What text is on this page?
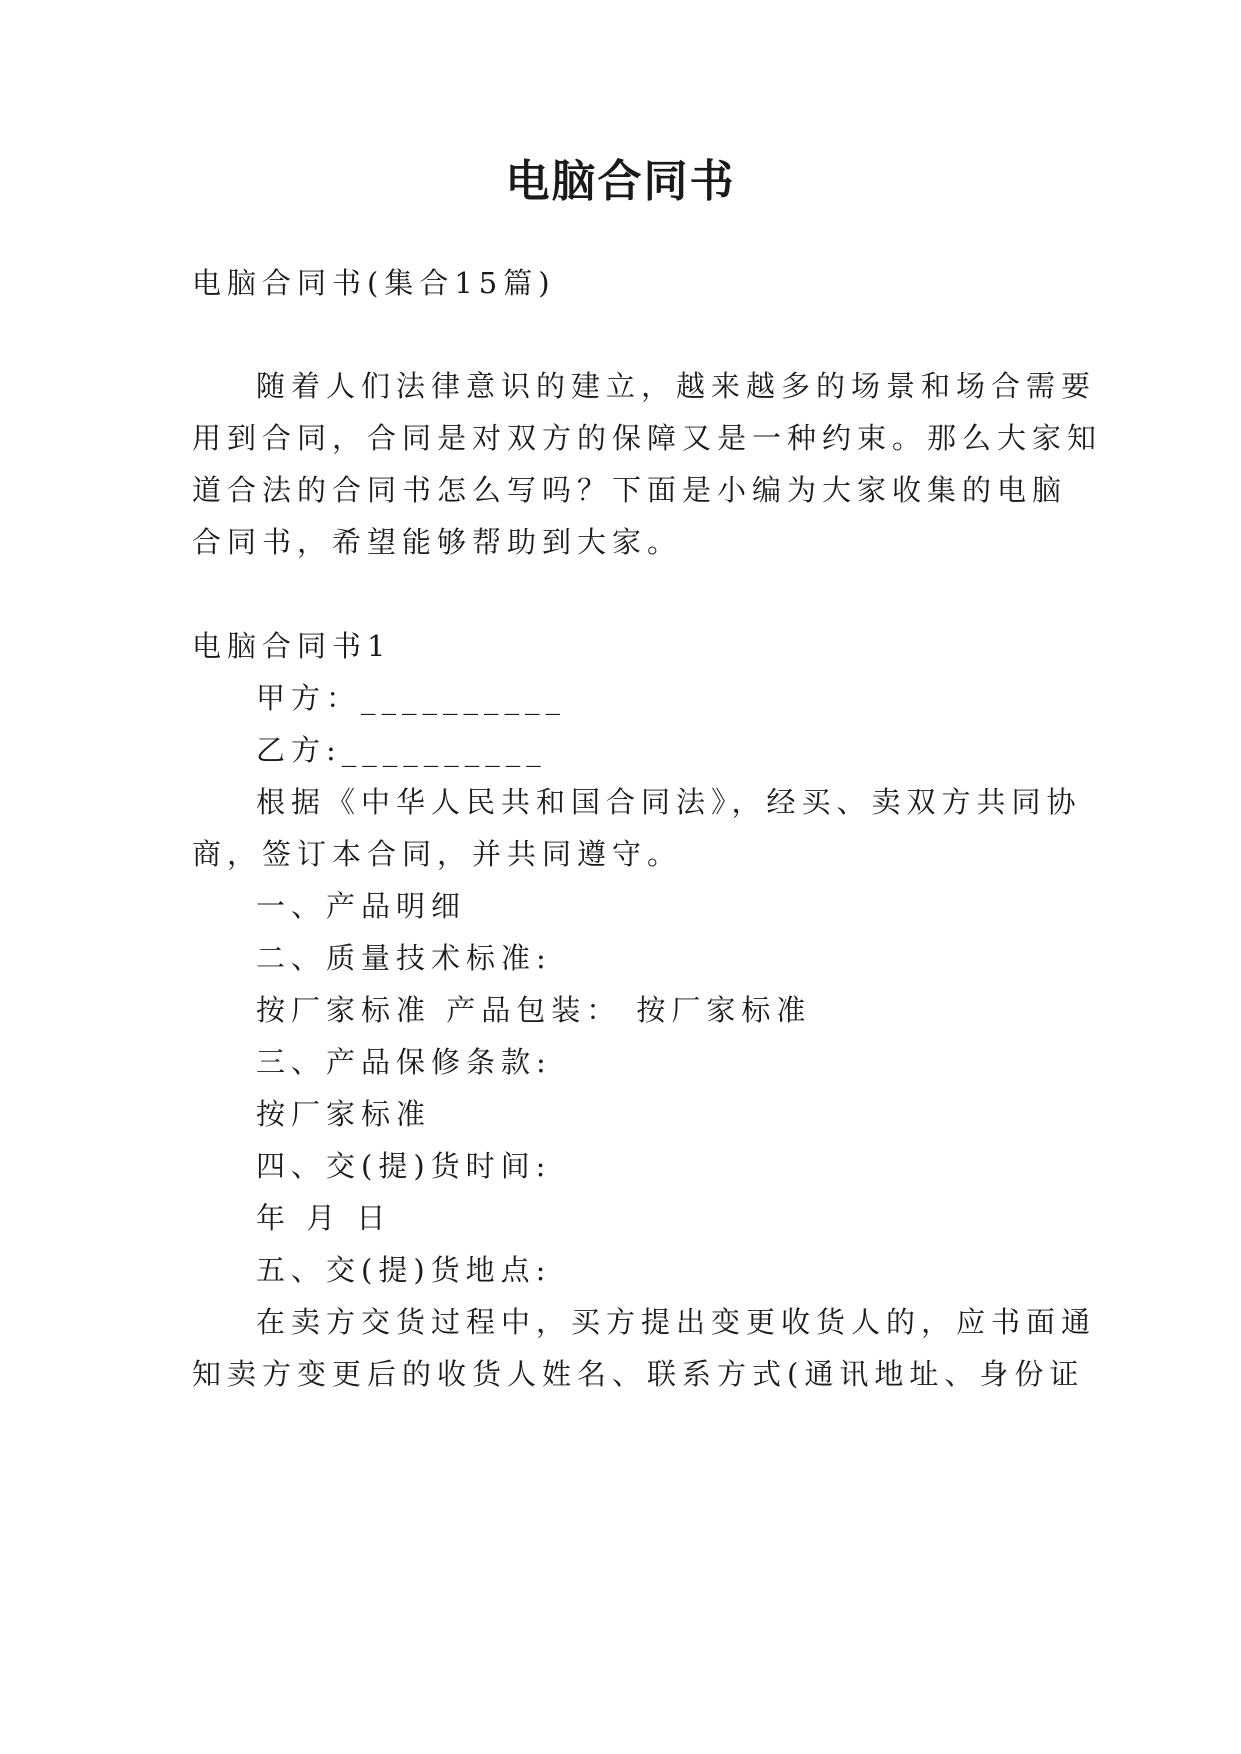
电脑合同书
电脑合同书(集合15篇)
随着人们法律意识的建立，越来越多的场景和场合需要
用到合同，合同是对双方的保障又是一种约束。那么大家知
道合法的合同书怎么写吗？下面是小编为大家收集的电脑
合同书，希望能够帮助到大家。
电脑合同书1
甲方：__________
乙方:__________
根据《中华人民共和国合同法》，经买、卖双方共同协
商，签订本合同，并共同遵守。
一、产品明细
二、质量技术标准:
按厂家标准 产品包装： 按厂家标准
三、产品保修条款:
按厂家标准
四、交(提)货时间:
年 月 日
五、交(提)货地点:
在卖方交货过程中，买方提出变更收货人的，应书面通
知卖方变更后的收货人姓名、联系方式(通讯地址、身份证
